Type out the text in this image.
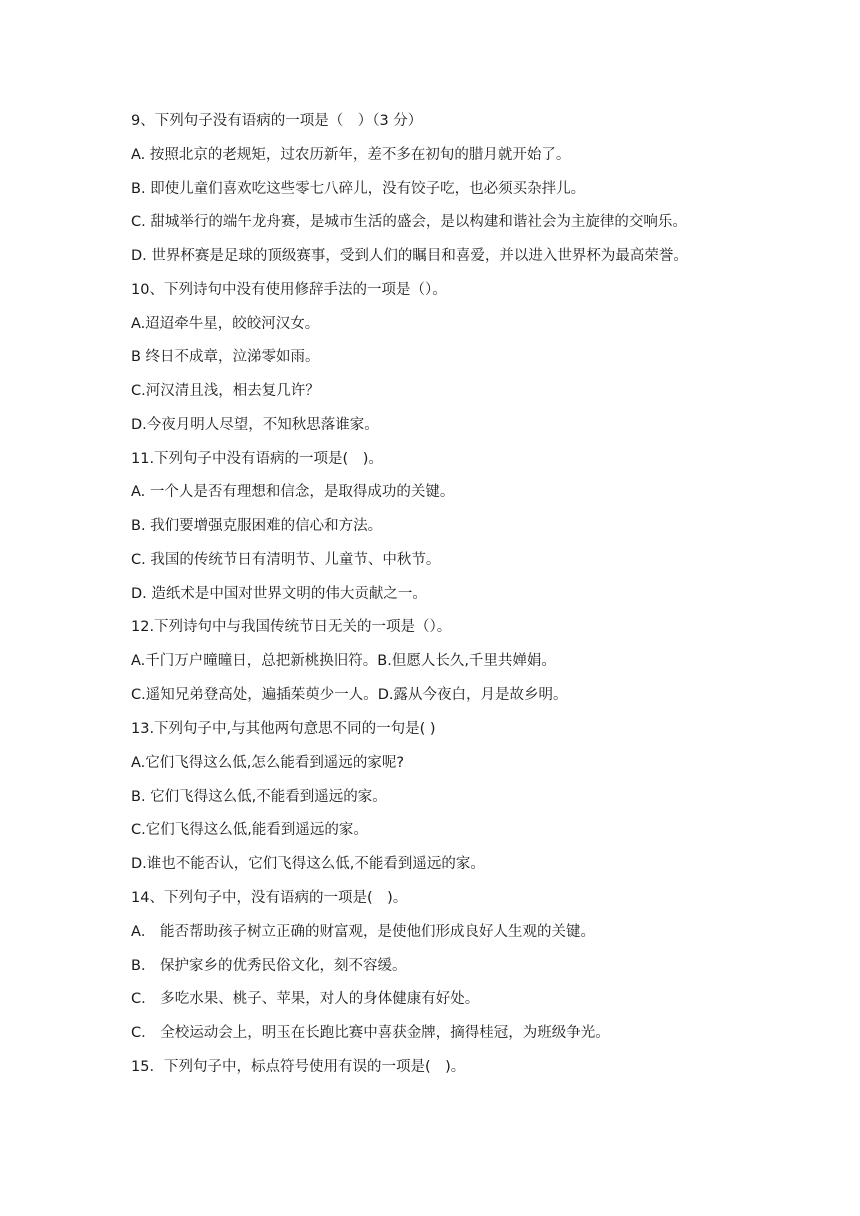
9、下列句子没有语病的一项是（　）（3 分）
A. 按照北京的老规矩，过农历新年，差不多在初旬的腊月就开始了。
B. 即使儿童们喜欢吃这些零七八碎儿，没有饺子吃，也必须买杂拌儿。
C. 甜城举行的端午龙舟赛，是城市生活的盛会，是以构建和谐社会为主旋律的交响乐。
D. 世界杯赛是足球的顶级赛事，受到人们的瞩目和喜爱，并以进入世界杯为最高荣誉。
10、下列诗句中没有使用修辞手法的一项是（）。
A.迢迢牵牛星，皎皎河汉女。
B 终日不成章，泣涕零如雨。
C.河汉清且浅，相去复几许？
D.今夜月明人尽望，不知秋思落谁家。
11.下列句子中没有语病的一项是(　)。
A. 一个人是否有理想和信念，是取得成功的关键。
B. 我们要增强克服困难的信心和方法。
C. 我国的传统节日有清明节、儿童节、中秋节。
D. 造纸术是中国对世界文明的伟大贡献之一。
12.下列诗句中与我国传统节日无关的一项是（）。
A.千门万户曈曈日，总把新桃换旧符。B.但愿人长久,千里共婵娟。
C.遥知兄弟登高处，遍插茱萸少一人。D.露从今夜白，月是故乡明。
13.下列句子中,与其他两句意思不同的一句是( )
A.它们飞得这么低,怎么能看到遥远的家呢?
B. 它们飞得这么低,不能看到遥远的家。
C.它们飞得这么低,能看到遥远的家。
D.谁也不能否认，它们飞得这么低,不能看到遥远的家。
14、下列句子中，没有语病的一项是(　)。
A． 能否帮助孩子树立正确的财富观，是使他们形成良好人生观的关键。
B． 保护家乡的优秀民俗文化，刻不容缓。
C． 多吃水果、桃子、苹果，对人的身体健康有好处。
C． 全校运动会上，明玉在长跑比赛中喜获金牌，摘得桂冠，为班级争光。
15．下列句子中，标点符号使用有误的一项是(　)。
